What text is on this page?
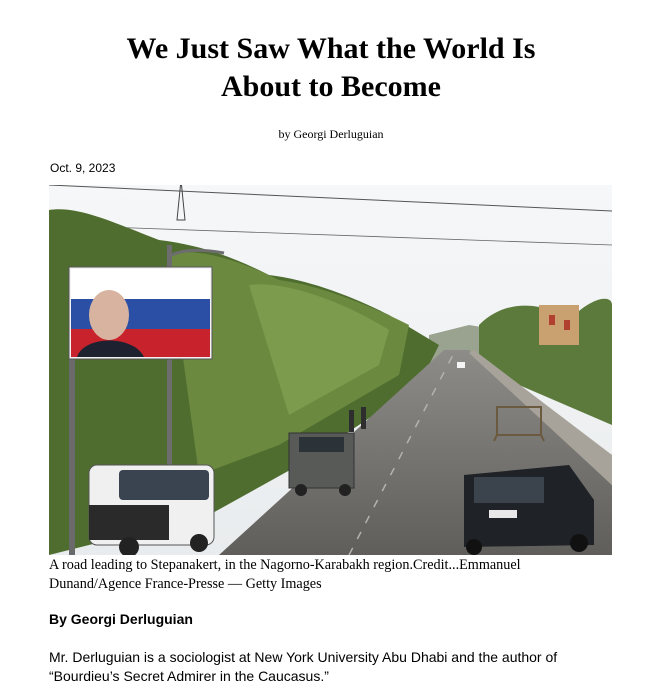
We Just Saw What the World Is
About to Become
by Georgi Derluguian
Oct. 9, 2023
A road leading to Stepanakert, in the Nagorno-Karabakh region.Credit...Emmanuel
Dunand/Agence France-Presse — Getty Images
By Georgi Derluguian
Mr. Derluguian is a sociologist at New York University Abu Dhabi and the author of
“Bourdieu’s Secret Admirer in the Caucasus.”
